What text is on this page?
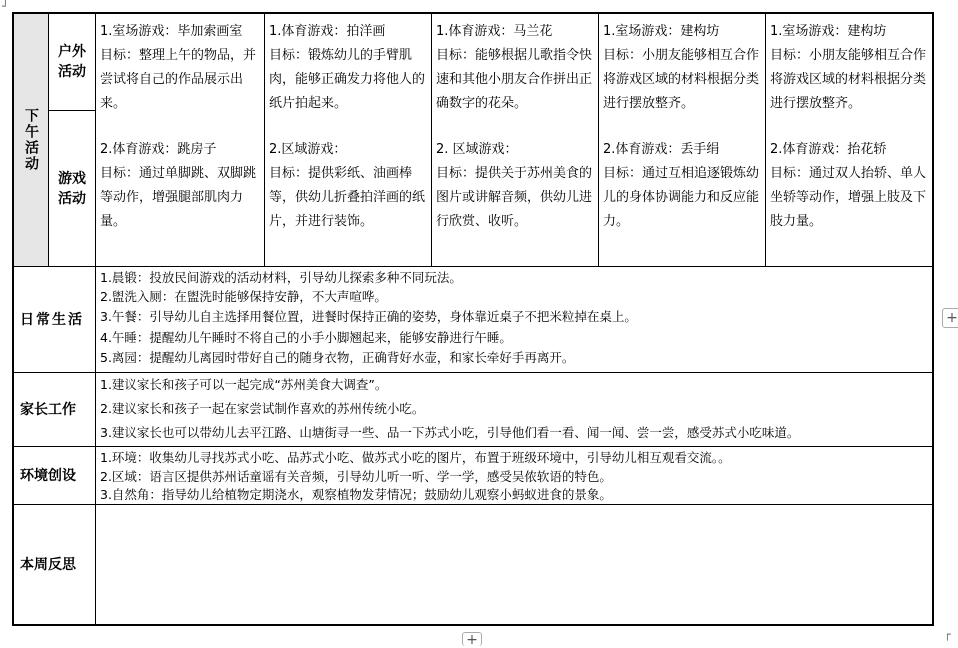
┘
┌
下午活动
户外活动
游戏活动

1.室场游戏：毕加索画室

目标：整理上午的物品，并尝试将自己的作品展示出来。

2.体育游戏：跳房子

目标：通过单脚跳、双脚跳等动作，增强腿部肌肉力量。

1.体育游戏：拍洋画

目标：锻炼幼儿的手臂肌肉，能够正确发力将他人的纸片拍起来。

2.区域游戏：

目标：提供彩纸、油画棒等，供幼儿折叠拍洋画的纸片，并进行装饰。

1.体育游戏：马兰花

目标：能够根据儿歌指令快速和其他小朋友合作拼出正确数字的花朵。

2. 区域游戏：

目标：提供关于苏州美食的图片或讲解音频，供幼儿进行欣赏、收听。

1.室场游戏：建构坊

目标：小朋友能够相互合作将游戏区域的材料根据分类进行摆放整齐。

2.体育游戏：丢手绢

目标：通过互相追逐锻炼幼儿的身体协调能力和反应能力。

1.室场游戏：建构坊

目标：小朋友能够相互合作将游戏区域的材料根据分类进行摆放整齐。

2.体育游戏：抬花轿

目标：通过双人抬轿、单人坐轿等动作，增强上肢及下肢力量。

日常生活
1.晨锻：投放民间游戏的活动材料，引导幼儿探索多种不同玩法。
2.盥洗入厕：在盥洗时能够保持安静，不大声喧哗。
3.午餐：引导幼儿自主选择用餐位置，进餐时保持正确的姿势，身体靠近桌子不把米粒掉在桌上。
4.午睡：提醒幼儿午睡时不将自己的小手小脚翘起来，能够安静进行午睡。
5.离园：提醒幼儿离园时带好自己的随身衣物，正确背好水壶，和家长牵好手再离开。
家长工作
1.建议家长和孩子可以一起完成“苏州美食大调查”。
2.建议家长和孩子一起在家尝试制作喜欢的苏州传统小吃。
3.建议家长也可以带幼儿去平江路、山塘街寻一些、品一下苏式小吃，引导他们看一看、闻一闻、尝一尝，感受苏式小吃味道。
环境创设
1.环境：收集幼儿寻找苏式小吃、品苏式小吃、做苏式小吃的图片，布置于班级环境中，引导幼儿相互观看交流。。
2.区域：语言区提供苏州话童谣有关音频，引导幼儿听一听、学一学，感受吴侬软语的特色。
3.自然角：指导幼儿给植物定期浇水，观察植物发芽情况；鼓励幼儿观察小蚂蚁进食的景象。
本周反思
+
+
